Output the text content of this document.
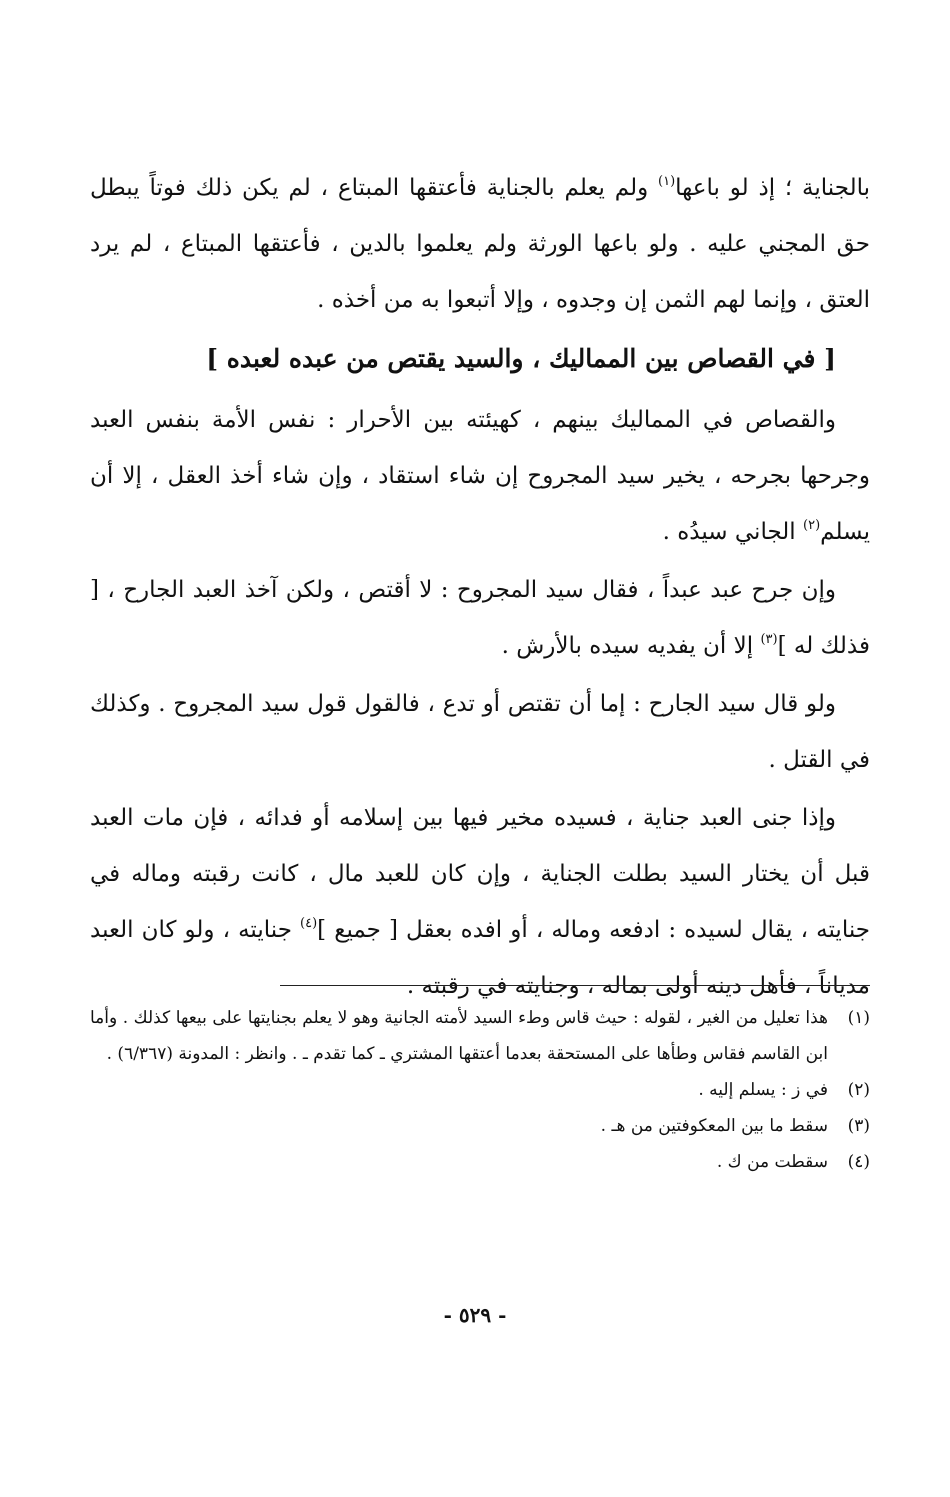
بالجناية ؛ إذ لو باعها$^{(١)}$ ولم يعلم بالجناية فأعتقها المبتاع ، لم يكن ذلك فوتاً يبطل حق المجني عليه . ولو باعها الورثة ولم يعلموا بالدين ، فأعتقها المبتاع ، لم يرد العتق ، وإنما لهم الثمن إن وجدوه ، وإلا أتبعوا به من أخذه .

[ في القصاص بين المماليك ، والسيد يقتص من عبده لعبده ]

والقصاص في المماليك بينهم ، كهيئته بين الأحرار : نفس الأمة بنفس العبد وجرحها بجرحه ، يخير سيد المجروح إن شاء استقاد ، وإن شاء أخذ العقل ، إلا أن يسلم$^{(٢)}$ الجاني سيدُه .

وإن جرح عبد عبداً ، فقال سيد المجروح : لا أقتص ، ولكن آخذ العبد الجارح ، [ فذلك له ]$^{(٣)}$ إلا أن يفديه سيده بالأرش .

ولو قال سيد الجارح : إما أن تقتص أو تدع ، فالقول قول سيد المجروح . وكذلك في القتل .

وإذا جنى العبد جناية ، فسيده مخير فيها بين إسلامه أو فدائه ، فإن مات العبد قبل أن يختار السيد بطلت الجناية ، وإن كان للعبد مال ، كانت رقبته وماله في جنايته ، يقال لسيده : ادفعه وماله ، أو افده بعقل [ جميع ]$^{(٤)}$ جنايته ، ولو كان العبد مدياناً ، فأهل دينه أولى بماله ، وجنايته في رقبته .

(١)
هذا تعليل من الغير ، لقوله : حيث قاس وطء السيد لأمته الجانية وهو لا يعلم بجنايتها على بيعها كذلك . وأما ابن القاسم فقاس وطأها على المستحقة بعدما أعتقها المشتري ـ كما تقدم ـ . وانظر : المدونة (٦/٣٦٧) .
(٢)
في ز : يسلم إليه .
(٣)
سقط ما بين المعكوفتين من هـ .
(٤)
سقطت من ك .
- ٥٢٩ -
